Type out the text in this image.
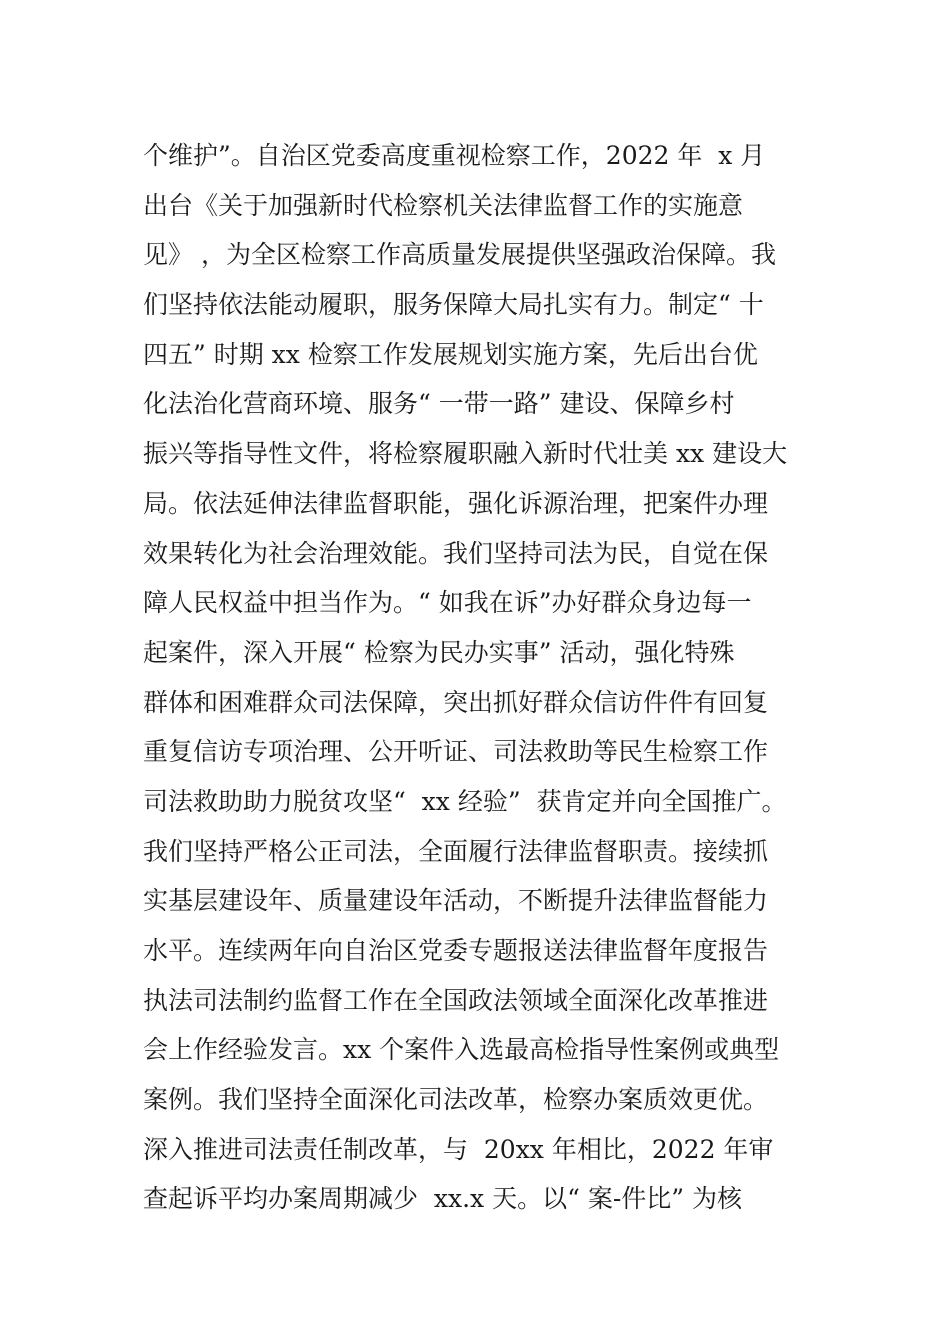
个维护”。自治区党委高度重视检察工作，2022 年  x 月
出台《关于加强新时代检察机关法律监督工作的实施意
见》 ，为全区检察工作高质量发展提供坚强政治保障。我
们坚持依法能动履职，服务保障大局扎实有力。制定“ 十
四五” 时期 xx 检察工作发展规划实施方案，先后出台优
化法治化营商环境、服务“ 一带一路” 建设、保障乡村
振兴等指导性文件，将检察履职融入新时代壮美 xx 建设大
局。依法延伸法律监督职能，强化诉源治理，把案件办理
效果转化为社会治理效能。我们坚持司法为民，自觉在保
障人民权益中担当作为。“ 如我在诉”办好群众身边每一
起案件，深入开展“ 检察为民办实事” 活动，强化特殊
群体和困难群众司法保障，突出抓好群众信访件件有回复
重复信访专项治理、公开听证、司法救助等民生检察工作
司法救助助力脱贫攻坚“  xx 经验”  获肯定并向全国推广。
我们坚持严格公正司法，全面履行法律监督职责。接续抓
实基层建设年、质量建设年活动，不断提升法律监督能力
水平。连续两年向自治区党委专题报送法律监督年度报告
执法司法制约监督工作在全国政法领域全面深化改革推进
会上作经验发言。xx 个案件入选最高检指导性案例或典型
案例。我们坚持全面深化司法改革，检察办案质效更优。
深入推进司法责任制改革，与  20xx 年相比，2022 年审
查起诉平均办案周期减少  xx.x 天。以“ 案-件比” 为核
